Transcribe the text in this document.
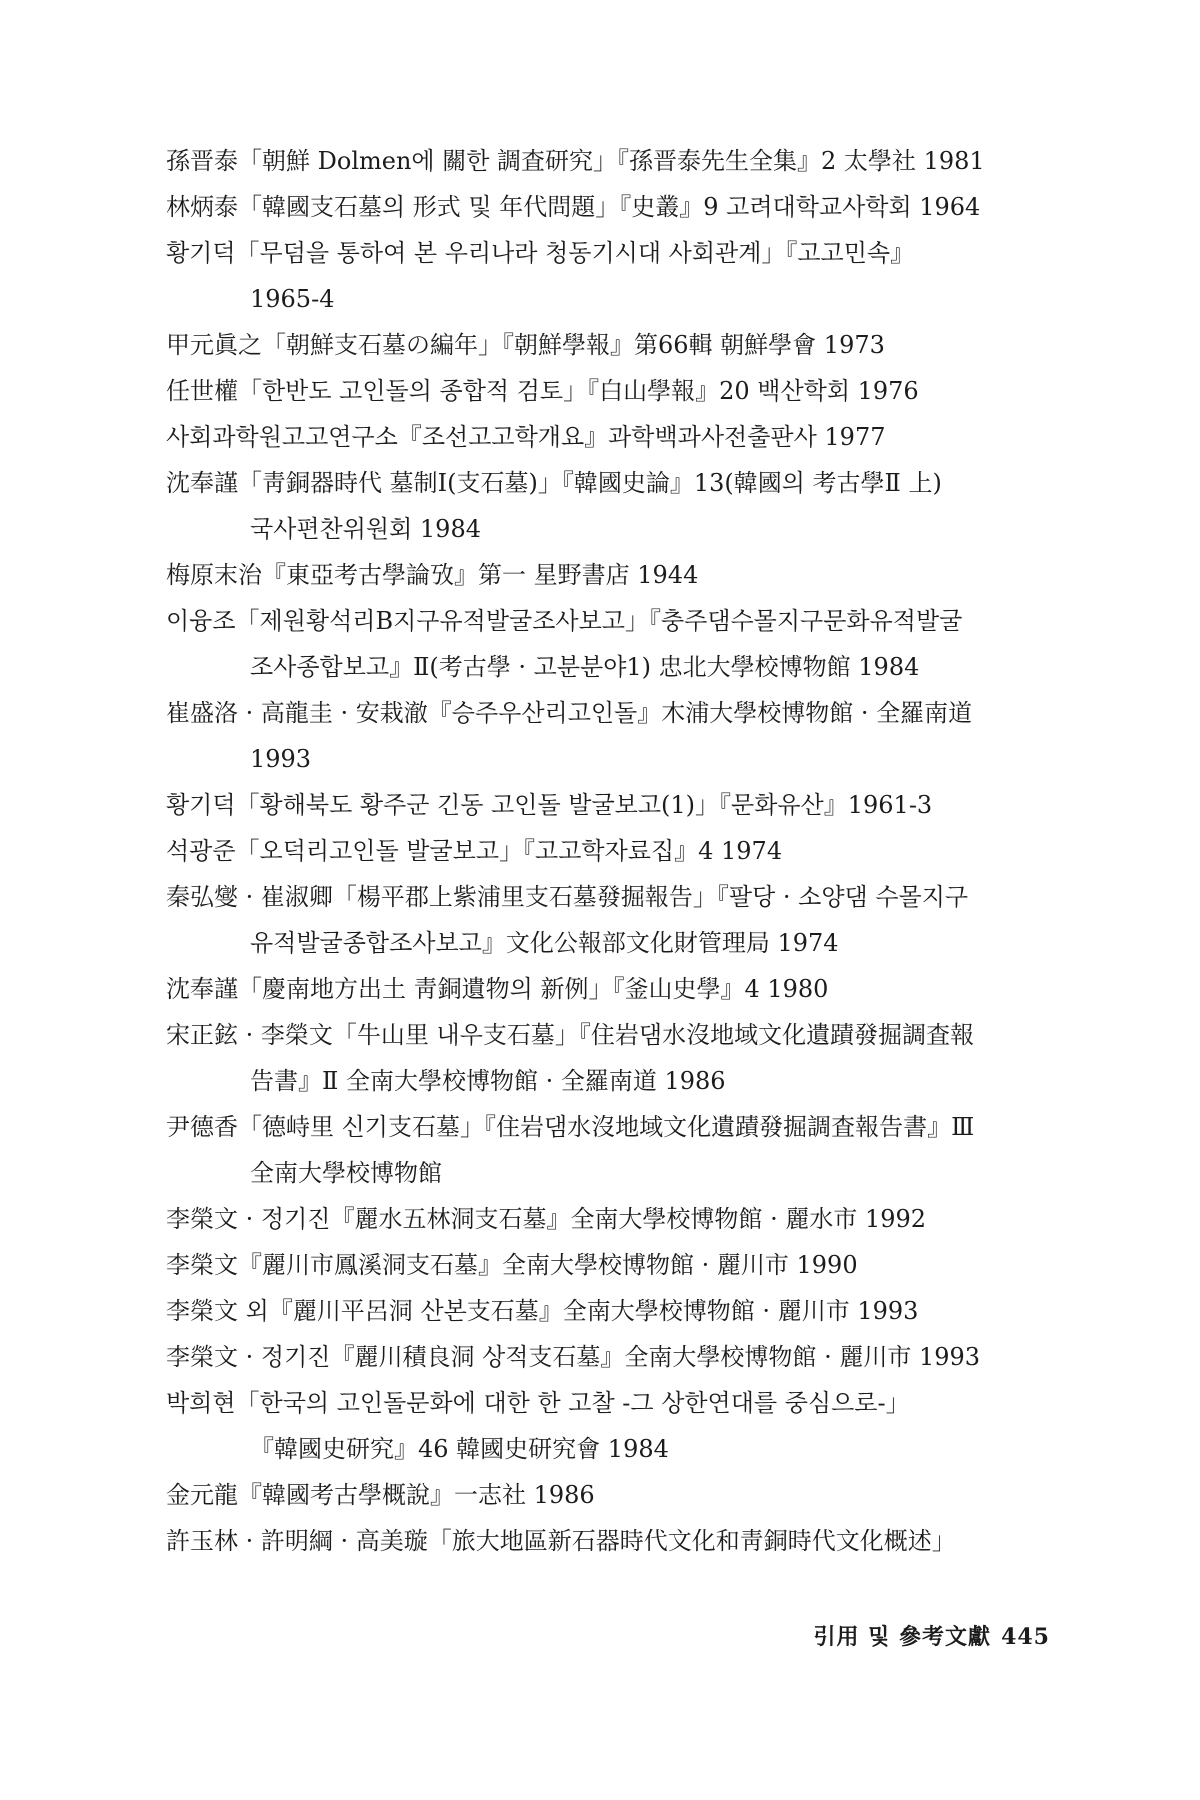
孫晋泰「朝鮮 Dolmen에 關한 調査研究」『孫晋泰先生全集』2 太學社 1981
林炳泰「韓國支石墓의 形式 및 年代問題」『史叢』9 고려대학교사학회 1964
황기덕「무덤을 통하여 본 우리나라 청동기시대 사회관계」『고고민속』
1965-4
甲元眞之「朝鮮支石墓の編年」『朝鮮學報』第66輯 朝鮮學會 1973
任世權「한반도 고인돌의 종합적 검토」『白山學報』20 백산학회 1976
사회과학원고고연구소『조선고고학개요』과학백과사전출판사 1977
沈奉謹「靑銅器時代 墓制Ⅰ(支石墓)」『韓國史論』13(韓國의 考古學Ⅱ 上)
국사편찬위원회 1984
梅原末治『東亞考古學論攷』第一 星野書店 1944
이융조「제원황석리B지구유적발굴조사보고」『충주댐수몰지구문화유적발굴
조사종합보고』Ⅱ(考古學 · 고분분야1) 忠北大學校博物館 1984
崔盛洛 · 高龍圭 · 安栽澈『승주우산리고인돌』木浦大學校博物館 · 全羅南道
1993
황기덕「황해북도 황주군 긴동 고인돌 발굴보고(1)」『문화유산』1961-3
석광준「오덕리고인돌 발굴보고」『고고학자료집』4 1974
秦弘燮 · 崔淑卿「楊平郡上紫浦里支石墓發掘報告」『팔당 · 소양댐 수몰지구
유적발굴종합조사보고』文化公報部文化財管理局 1974
沈奉謹「慶南地方出土 靑銅遺物의 新例」『釜山史學』4 1980
宋正鉉 · 李榮文「牛山里 내우支石墓」『住岩댐水沒地域文化遺蹟發掘調査報
告書』Ⅱ 全南大學校博物館 · 全羅南道 1986
尹德香「德峙里 신기支石墓」『住岩댐水沒地域文化遺蹟發掘調査報告書』Ⅲ
全南大學校博物館
李榮文 · 정기진『麗水五林洞支石墓』全南大學校博物館 · 麗水市 1992
李榮文『麗川市鳳溪洞支石墓』全南大學校博物館 · 麗川市 1990
李榮文 외『麗川平呂洞 산본支石墓』全南大學校博物館 · 麗川市 1993
李榮文 · 정기진『麗川積良洞 상적支石墓』全南大學校博物館 · 麗川市 1993
박희현「한국의 고인돌문화에 대한 한 고찰 -그 상한연대를 중심으로-」
『韓國史研究』46 韓國史研究會 1984
金元龍『韓國考古學概說』一志社 1986
許玉林 · 許明綱 · 高美璇「旅大地區新石器時代文化和靑銅時代文化概述」
引用 및 參考文獻 445
